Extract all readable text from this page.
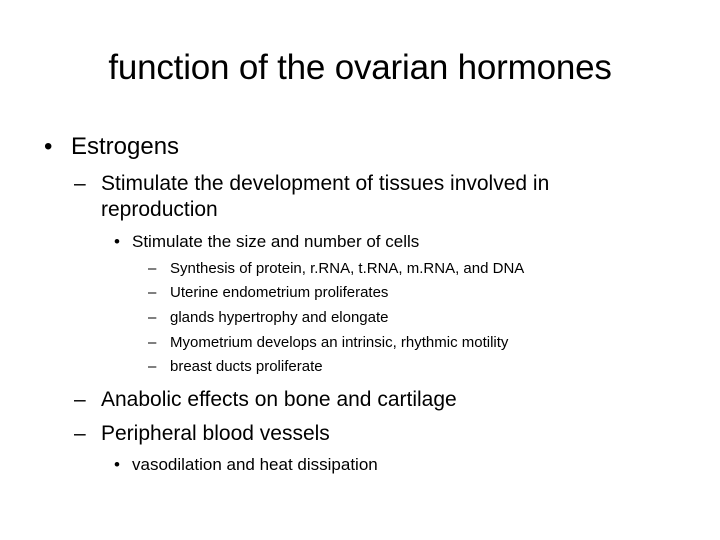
function of the ovarian hormones
• Estrogens
– Stimulate the development of tissues involved in
reproduction
• Stimulate the size and number of cells
– Synthesis of protein, r.RNA, t.RNA, m.RNA, and DNA
– Uterine endometrium proliferates
– glands hypertrophy and elongate
– Myometrium develops an intrinsic, rhythmic motility
– breast ducts proliferate
– Anabolic effects on bone and cartilage
– Peripheral blood vessels
• vasodilation and heat dissipation
